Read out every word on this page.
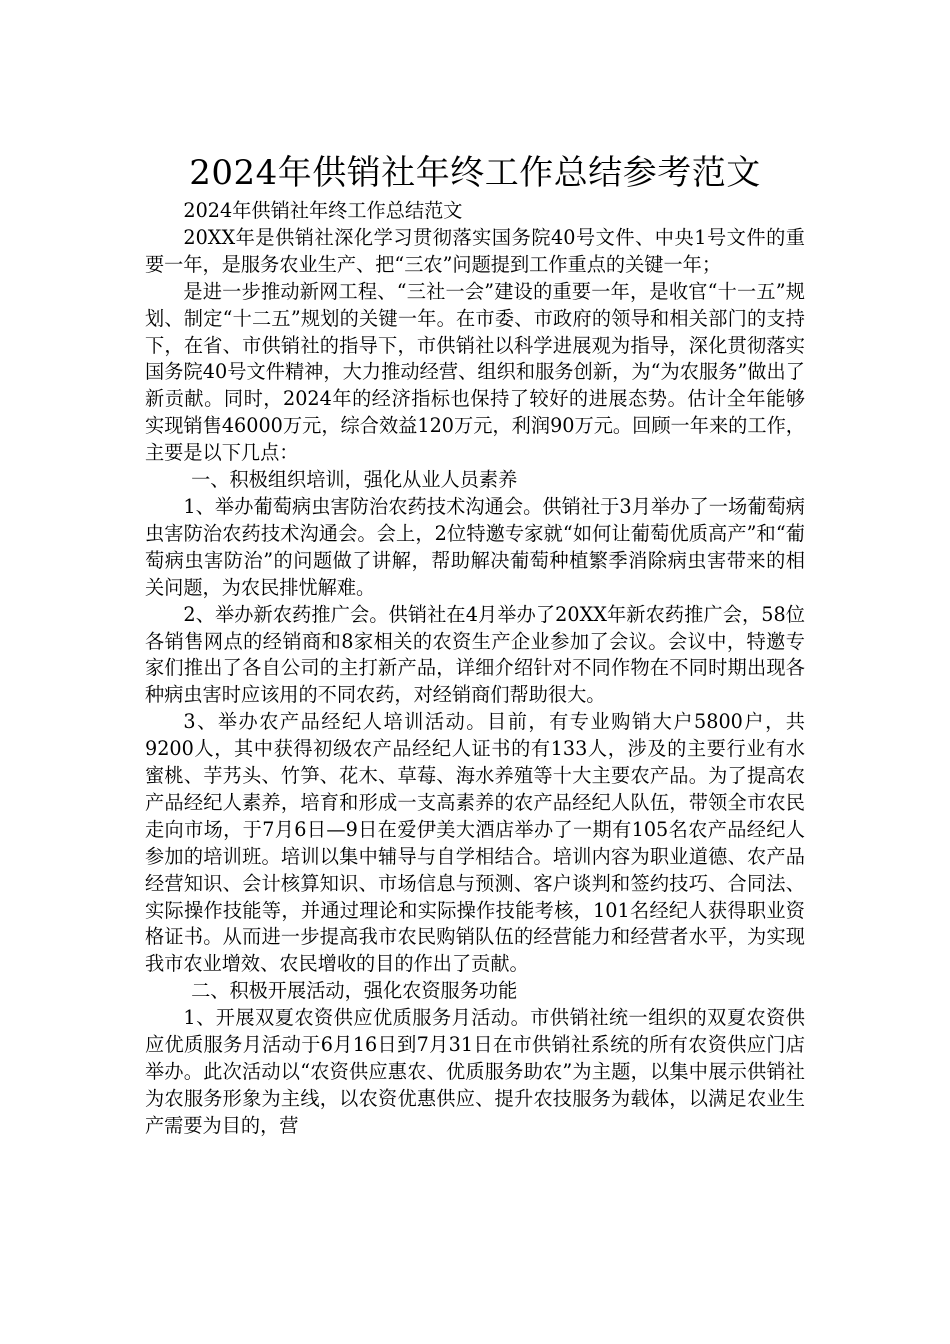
2024年供销社年终工作总结参考范文

2024年供销社年终工作总结范文

20XX年是供销社深化学习贯彻落实国务院40号文件、中央1号文件的重要一年，是服务农业生产、把“三农”问题提到工作重点的关键一年；

是进一步推动新网工程、“三社一会”建设的重要一年，是收官“十一五”规划、制定“十二五”规划的关键一年。在市委、市政府的领导和相关部门的支持下，在省、市供销社的指导下，市供销社以科学进展观为指导，深化贯彻落实国务院40号文件精神，大力推动经营、组织和服务创新，为“为农服务”做出了新贡献。同时，2024年的经济指标也保持了较好的进展态势。估计全年能够实现销售46000万元，综合效益120万元，利润90万元。回顾一年来的工作，主要是以下几点：

一、积极组织培训，强化从业人员素养

1、举办葡萄病虫害防治农药技术沟通会。供销社于3月举办了一场葡萄病虫害防治农药技术沟通会。会上，2位特邀专家就“如何让葡萄优质高产”和“葡萄病虫害防治”的问题做了讲解，帮助解决葡萄种植繁季消除病虫害带来的相关问题，为农民排忧解难。

2、举办新农药推广会。供销社在4月举办了20XX年新农药推广会，58位各销售网点的经销商和8家相关的农资生产企业参加了会议。会议中，特邀专家们推出了各自公司的主打新产品，详细介绍针对不同作物在不同时期出现各种病虫害时应该用的不同农药，对经销商们帮助很大。

3、举办农产品经纪人培训活动。目前，有专业购销大户5800户，共9200人，其中获得初级农产品经纪人证书的有133人，涉及的主要行业有水蜜桃、芋艿头、竹笋、花木、草莓、海水养殖等十大主要农产品。为了提高农产品经纪人素养，培育和形成一支高素养的农产品经纪人队伍，带领全市农民走向市场，于7月6日—9日在爱伊美大酒店举办了一期有105名农产品经纪人参加的培训班。培训以集中辅导与自学相结合。培训内容为职业道德、农产品经营知识、会计核算知识、市场信息与预测、客户谈判和签约技巧、合同法、实际操作技能等，并通过理论和实际操作技能考核，101名经纪人获得职业资格证书。从而进一步提高我市农民购销队伍的经营能力和经营者水平，为实现我市农业增效、农民增收的目的作出了贡献。

二、积极开展活动，强化农资服务功能

1、开展双夏农资供应优质服务月活动。市供销社统一组织的双夏农资供应优质服务月活动于6月16日到7月31日在市供销社系统的所有农资供应门店举办。此次活动以“农资供应惠农、优质服务助农”为主题，以集中展示供销社为农服务形象为主线，以农资优惠供应、提升农技服务为载体，以满足农业生产需要为目的，营
